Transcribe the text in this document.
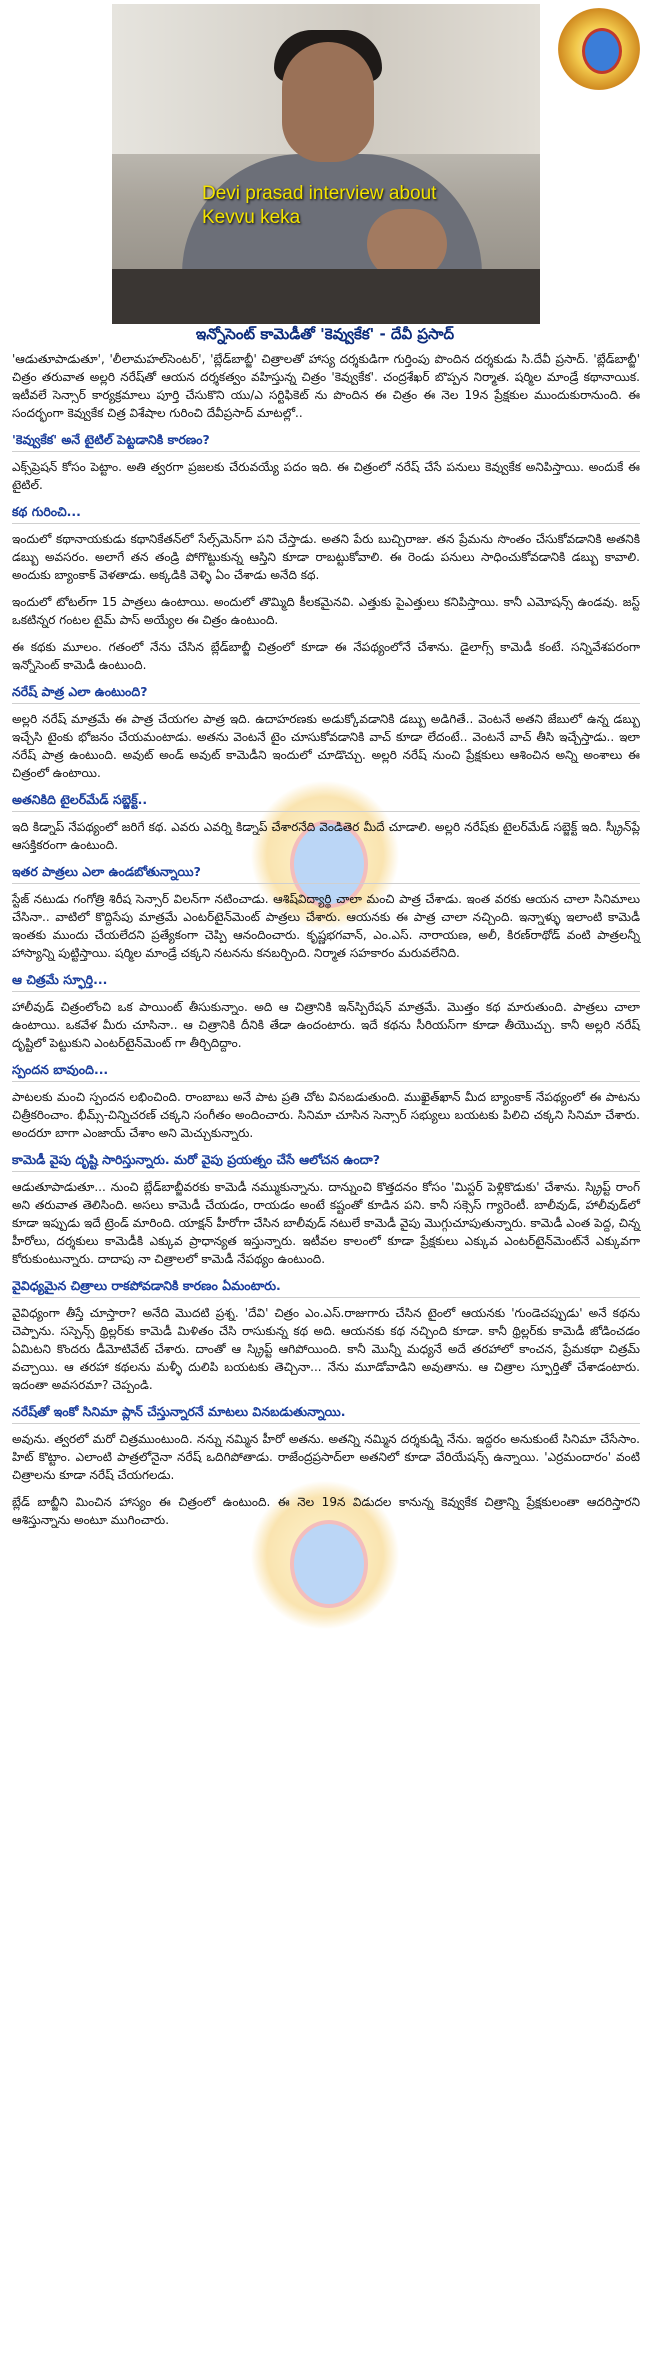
Devi prasad interview about
Kevvu keka
ఇన్నోసెంట్ కామెడీతో 'కెవ్వుకేక' - దేవీ ప్రసాద్

'ఆడుతూపాడుతూ', 'లీలామహల్‌సెంటర్', 'బ్లేడ్‌బాబ్జీ' చిత్రాలతో హాస్య దర్శకుడిగా గుర్తింపు పొందిన దర్శకుడు సి.దేవీ ప్రసాద్. 'బ్లేడ్‌బాబ్జీ' చిత్రం తరువాత అల్లరి నరేష్‌తో ఆయన దర్శకత్వం వహిస్తున్న చిత్రం 'కెవ్వుకేక'. చంద్రశేఖర్ బొప్పన నిర్మాత. షర్మిల మాండ్రే కథానాయిక. ఇటీవలే సెన్సార్ కార్యక్రమాలు పూర్తి చేసుకొని యు/ఎ సర్టిఫికెట్ ను పొందిన ఈ చిత్రం ఈ నెల 19న ప్రేక్షకుల ముందుకురానుంది. ఈ సందర్భంగా కెవ్వుకేక చిత్ర విశేషాల గురించి దేవీప్రసాద్ మాటల్లో..

'కెవ్వుకేక' అనే టైటిల్ పెట్టడానికి కారణం?

ఎక్స్‌ప్రెషన్ కోసం పెట్టాం. అతి త్వరగా ప్రజలకు చేరువయ్యే పదం ఇది. ఈ చిత్రంలో నరేష్ చేసే పనులు కెవ్వుకేక అనిపిస్తాయి. అందుకే ఈ టైటిల్.

కథ గురించి...

ఇందులో కథానాయకుడు కథానికేతన్‌లో సేల్స్‌మెన్‌గా పని చేస్తాడు. అతని పేరు బుచ్చిరాజు. తన ప్రేమను సొంతం చేసుకోవడానికి అతనికి డబ్బు అవసరం. అలాగే తన తండ్రి పోగొట్టుకున్న ఆస్తిని కూడా రాబట్టుకోవాలి. ఈ రెండు పనులు సాధించుకోవడానికి డబ్బు కావాలి. అందుకు బ్యాంకాక్ వెళతాడు. అక్కడికి వెళ్ళి ఏం చేశాడు అనేది కథ.

ఇందులో టోటల్‌గా 15 పాత్రలు ఉంటాయి. అందులో తొమ్మిది కీలకమైనవి. ఎత్తుకు పైఎత్తులు కనిపిస్తాయి. కానీ ఎమోషన్స్ ఉండవు. జస్ట్ ఒకటిన్నర గంటల టైమ్ పాస్ అయ్యేల ఈ చిత్రం ఉంటుంది.

ఈ కథకు మూలం. గతంలో నేను చేసిన బ్లేడ్‌బాబ్జీ చిత్రంలో కూడా ఈ నేపథ్యంలోనే చేశాను. డైలాగ్స్ కామెడీ కంటే. సన్నివేశపరంగా ఇన్నోసెంట్ కామెడీ ఉంటుంది.

నరేష్ పాత్ర ఎలా ఉంటుంది?

అల్లరి నరేష్ మాత్రమే ఈ పాత్ర చేయగల పాత్ర ఇది. ఉదాహరణకు అడుక్కోవడానికి డబ్బు అడిగితే.. వెంటనే అతని జేబులో ఉన్న డబ్బు ఇచ్చేసి టైంకు భోజనం చేయమంటాడు. అతను వెంటనే టైం చూసుకోవడానికి వాచ్ కూడా లేదంటే.. వెంటనే వాచ్ తీసి ఇచ్చేస్తాడు.. ఇలా నరేష్ పాత్ర ఉంటుంది. అవుట్ అండ్ అవుట్ కామెడీని ఇందులో చూడొచ్చు. అల్లరి నరేష్ నుంచి ప్రేక్షకులు ఆశించిన అన్ని అంశాలు ఈ చిత్రంలో ఉంటాయి.

అతనికిది టైలర్‌మేడ్ సబ్జెక్ట్..

ఇది కిడ్నాప్ నేపథ్యంలో జరిగే కథ. ఎవరు ఎవర్ని కిడ్నాప్ చేశారనేది వెండితెర మీదే చూడాలి. అల్లరి నరేష్‌కు టైలర్‌మేడ్ సబ్జెక్ట్ ఇది. స్క్రీన్‌ప్లే ఆసక్తికరంగా ఉంటుంది.

ఇతర పాత్రలు ఎలా ఉండబోతున్నాయి?

స్టేజ్ నటుడు గంగోత్రి శిరీష సెన్సార్ విలన్‌గా నటించాడు. ఆశిష్‌విద్యార్థి చాలా మంచి పాత్ర చేశాడు. ఇంత వరకు ఆయన చాలా సినిమాలు చేసినా.. వాటిలో కొద్దిసేపు మాత్రమే ఎంటర్‌టైన్‌మెంట్ పాత్రలు చేశారు. ఆయనకు ఈ పాత్ర చాలా నచ్చింది. ఇన్నాళ్ళు ఇలాంటి కామెడీ ఇంతకు ముందు చేయలేదని ప్రత్యేకంగా చెప్పి ఆనందించారు. కృష్ణభగవాన్, ఎం.ఎస్. నారాయణ, అలీ, కిరణ్‌రాథోడ్ వంటి పాత్రలన్నీ హాస్యాన్ని పుట్టిస్తాయి. షర్మిల మాండ్రే చక్కని నటనను కనబర్చింది. నిర్మాత సహకారం మరువలేనిది.

ఆ చిత్రమే స్ఫూర్తి...

హాలీవుడ్ చిత్రంలోంచి ఒక పాయింట్ తీసుకున్నాం. అది ఆ చిత్రానికి ఇన్‌స్పిరేషన్ మాత్రమే. మొత్తం కథ మారుతుంది. పాత్రలు చాలా ఉంటాయి. ఒకవేళ మీరు చూసినా.. ఆ చిత్రానికి దీనికి తేడా ఉందంటారు. ఇదే కథను సీరియస్‌గా కూడా తీయొచ్చు. కానీ అల్లరి నరేష్ దృష్టిలో పెట్టుకుని ఎంటర్‌టైన్‌మెంట్ గా తీర్చిదిద్దాం.

స్పందన బావుంది...

పాటలకు మంచి స్పందన లభించింది. రాంబాబు అనే పాట ప్రతి చోట వినబడుతుంది. ముఖైత్‌ఖాన్ మీద బ్యాంకాక్ నేపథ్యంలో ఈ పాటను చిత్రీకరించాం. భీమ్స్-చిన్నిచరణ్ చక్కని సంగీతం అందించారు. సినిమా చూసిన సెన్సార్ సభ్యులు బయటకు పిలిచి చక్కని సినిమా చేశారు. అందరూ బాగా ఎంజాయ్ చేశాం అని మెచ్చుకున్నారు.

కామెడీ వైపు దృష్టి సారిస్తున్నారు. మరో వైపు ప్రయత్నం చేసే ఆలోచన ఉందా?

ఆడుతూపాడుతూ... నుంచి బ్లేడ్‌బాబ్జీవరకు కామెడీ నమ్ముకున్నాను. దాన్నుంచి కొత్తదనం కోసం 'మిస్టర్ పెళ్లికొడుకు' చేశాను. స్క్రిప్ట్ రాంగ్ అని తరువాత తెలిసింది. అసలు కామెడీ చేయడం, రాయడం అంటే కష్టంతో కూడిన పని. కానీ సక్సెస్ గ్యారెంటీ. బాలీవుడ్, హాలీవుడ్‌లో కూడా ఇప్పుడు ఇదే ట్రెండ్ మారింది. యాక్షన్ హీరోగా చేసిన బాలీవుడ్ నటులే కామెడీ వైపు మొగ్గుచూపుతున్నారు. కామెడీ ఎంత పెద్ద, చిన్న హీరోలు, దర్శకులు కామెడీకి ఎక్కువ ప్రాధాన్యత ఇస్తున్నారు. ఇటీవల కాలంలో కూడా ప్రేక్షకులు ఎక్కువ ఎంటర్‌టైన్‌మెంట్‌నే ఎక్కువగా కోరుకుంటున్నారు. దాదాపు నా చిత్రాలలో కామెడీ నేపథ్యం ఉంటుంది.

వైవిధ్యమైన చిత్రాలు రాకపోవడానికి కారణం ఏమంటారు.

వైవిధ్యంగా తీస్తే చూస్తారా? అనేది మొదటి ప్రశ్న. 'దేవి' చిత్రం ఎం.ఎస్.రాజుగారు చేసిన టైంలో ఆయనకు 'గుండెచప్పుడు' అనే కథను చెప్పాను. సస్పెన్స్ థ్రిల్లర్‌కు కామెడీ మిళితం చేసి రాసుకున్న కథ అది. ఆయనకు కథ నచ్చింది కూడా. కానీ థ్రిల్లర్‌కు కామెడీ జోడించడం ఏమిటని కొందరు డీమోటివేట్ చేశారు. దాంతో ఆ స్క్రిప్ట్ ఆగిపోయింది. కానీ మొన్నీ మధ్యనే అదే తరహాలో కాంచన, ప్రేమకథా చిత్రమ్ వచ్చాయి. ఆ తరహా కథలను మళ్ళీ దులిపి బయటకు తెచ్చినా... నేను మూడోవాడిని అవుతాను. ఆ చిత్రాల స్ఫూర్తితో చేశాడంటారు. ఇదంతా అవసరమా? చెప్పండి.

నరేష్‌తో ఇంకో సినిమా ప్లాన్ చేస్తున్నారనే మాటలు వినబడుతున్నాయి.

అవును. త్వరలో మరో చిత్రముంటుంది. నన్ను నమ్మిన హీరో అతను. అతన్ని నమ్మిన దర్శకుడ్ని నేను. ఇద్దరం అనుకుంటే సినిమా చేసేసాం. హిట్ కొట్టాం. ఎలాంటి పాత్రలోనైనా నరేష్ ఒదిగిపోతాడు. రాజేంద్రప్రసాద్‌లా అతనిలో కూడా వేరియేషన్స్ ఉన్నాయి. 'ఎర్రమందారం' వంటి చిత్రాలను కూడా నరేష్ చేయగలడు.

బ్లేడ్ బాబ్జీని మించిన హాస్యం ఈ చిత్రంలో ఉంటుంది. ఈ నెల 19న విడుదల కానున్న కెవ్వుకేక చిత్రాన్ని ప్రేక్షకులంతా ఆదరిస్తారని ఆశిస్తున్నాను అంటూ ముగించారు.
